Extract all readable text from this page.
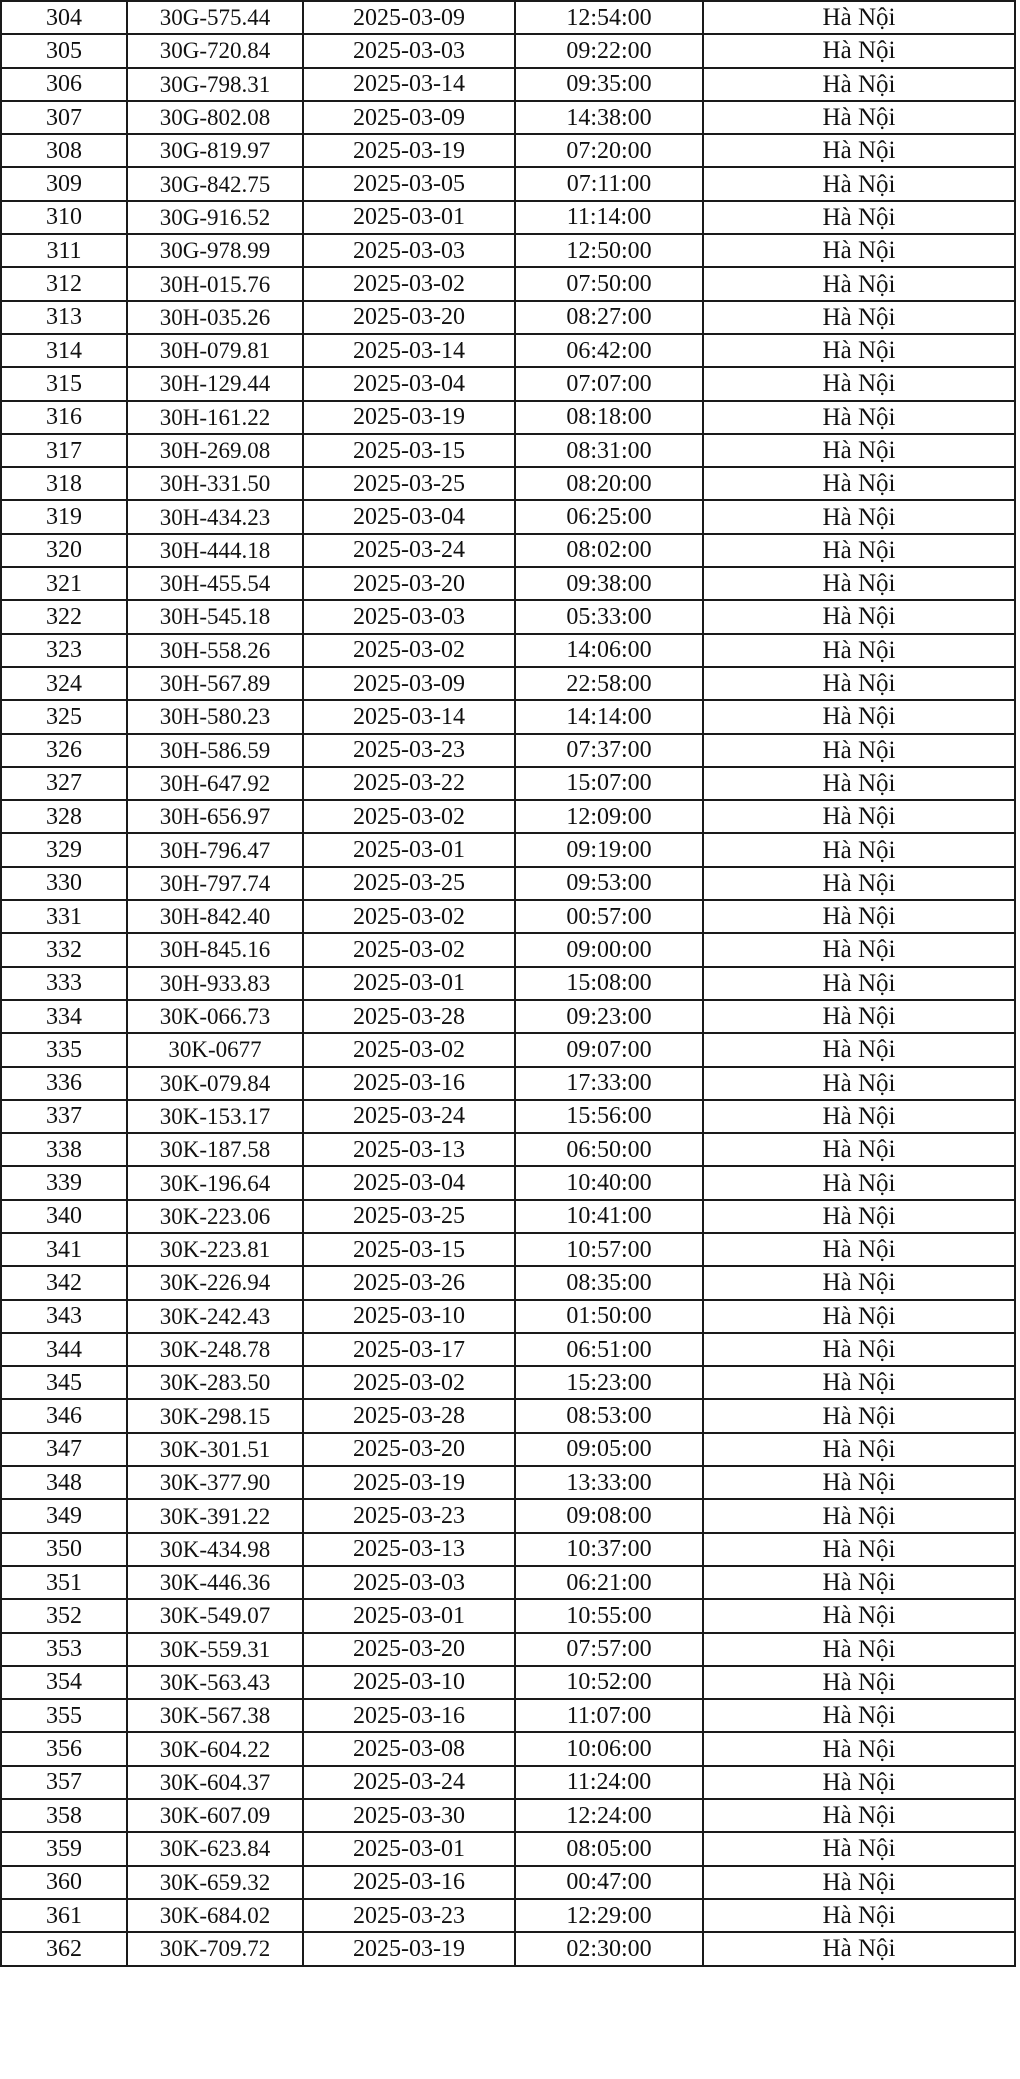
304	30G-575.44	2025-03-09	12:54:00	Hà Nội
305	30G-720.84	2025-03-03	09:22:00	Hà Nội
306	30G-798.31	2025-03-14	09:35:00	Hà Nội
307	30G-802.08	2025-03-09	14:38:00	Hà Nội
308	30G-819.97	2025-03-19	07:20:00	Hà Nội
309	30G-842.75	2025-03-05	07:11:00	Hà Nội
310	30G-916.52	2025-03-01	11:14:00	Hà Nội
311	30G-978.99	2025-03-03	12:50:00	Hà Nội
312	30H-015.76	2025-03-02	07:50:00	Hà Nội
313	30H-035.26	2025-03-20	08:27:00	Hà Nội
314	30H-079.81	2025-03-14	06:42:00	Hà Nội
315	30H-129.44	2025-03-04	07:07:00	Hà Nội
316	30H-161.22	2025-03-19	08:18:00	Hà Nội
317	30H-269.08	2025-03-15	08:31:00	Hà Nội
318	30H-331.50	2025-03-25	08:20:00	Hà Nội
319	30H-434.23	2025-03-04	06:25:00	Hà Nội
320	30H-444.18	2025-03-24	08:02:00	Hà Nội
321	30H-455.54	2025-03-20	09:38:00	Hà Nội
322	30H-545.18	2025-03-03	05:33:00	Hà Nội
323	30H-558.26	2025-03-02	14:06:00	Hà Nội
324	30H-567.89	2025-03-09	22:58:00	Hà Nội
325	30H-580.23	2025-03-14	14:14:00	Hà Nội
326	30H-586.59	2025-03-23	07:37:00	Hà Nội
327	30H-647.92	2025-03-22	15:07:00	Hà Nội
328	30H-656.97	2025-03-02	12:09:00	Hà Nội
329	30H-796.47	2025-03-01	09:19:00	Hà Nội
330	30H-797.74	2025-03-25	09:53:00	Hà Nội
331	30H-842.40	2025-03-02	00:57:00	Hà Nội
332	30H-845.16	2025-03-02	09:00:00	Hà Nội
333	30H-933.83	2025-03-01	15:08:00	Hà Nội
334	30K-066.73	2025-03-28	09:23:00	Hà Nội
335	30K-0677	2025-03-02	09:07:00	Hà Nội
336	30K-079.84	2025-03-16	17:33:00	Hà Nội
337	30K-153.17	2025-03-24	15:56:00	Hà Nội
338	30K-187.58	2025-03-13	06:50:00	Hà Nội
339	30K-196.64	2025-03-04	10:40:00	Hà Nội
340	30K-223.06	2025-03-25	10:41:00	Hà Nội
341	30K-223.81	2025-03-15	10:57:00	Hà Nội
342	30K-226.94	2025-03-26	08:35:00	Hà Nội
343	30K-242.43	2025-03-10	01:50:00	Hà Nội
344	30K-248.78	2025-03-17	06:51:00	Hà Nội
345	30K-283.50	2025-03-02	15:23:00	Hà Nội
346	30K-298.15	2025-03-28	08:53:00	Hà Nội
347	30K-301.51	2025-03-20	09:05:00	Hà Nội
348	30K-377.90	2025-03-19	13:33:00	Hà Nội
349	30K-391.22	2025-03-23	09:08:00	Hà Nội
350	30K-434.98	2025-03-13	10:37:00	Hà Nội
351	30K-446.36	2025-03-03	06:21:00	Hà Nội
352	30K-549.07	2025-03-01	10:55:00	Hà Nội
353	30K-559.31	2025-03-20	07:57:00	Hà Nội
354	30K-563.43	2025-03-10	10:52:00	Hà Nội
355	30K-567.38	2025-03-16	11:07:00	Hà Nội
356	30K-604.22	2025-03-08	10:06:00	Hà Nội
357	30K-604.37	2025-03-24	11:24:00	Hà Nội
358	30K-607.09	2025-03-30	12:24:00	Hà Nội
359	30K-623.84	2025-03-01	08:05:00	Hà Nội
360	30K-659.32	2025-03-16	00:47:00	Hà Nội
361	30K-684.02	2025-03-23	12:29:00	Hà Nội
362	30K-709.72	2025-03-19	02:30:00	Hà Nội
